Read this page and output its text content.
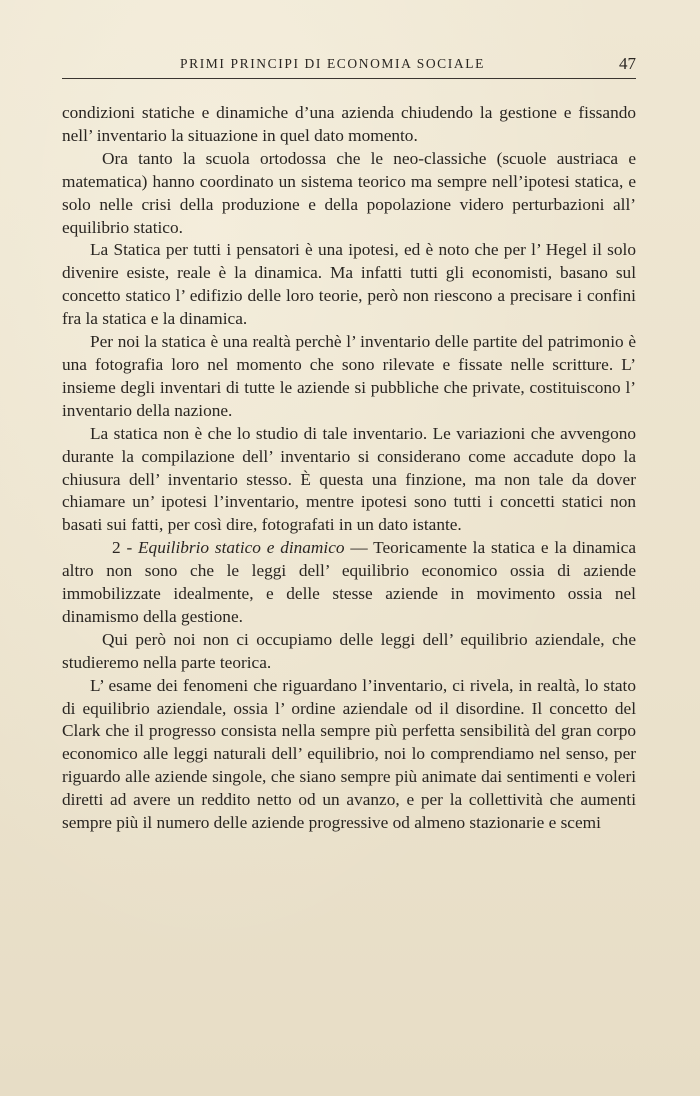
PRIMI PRINCIPI DI ECONOMIA SOCIALE	47

condizioni statiche e dinamiche d’una azienda chiudendo la gestione e fissando nell’ inventario la situazione in quel dato momento.

Ora tanto la scuola ortodossa che le neo-classiche (scuole austriaca e matematica) hanno coordinato un sistema teorico ma sempre nell’ipotesi statica, e solo nelle crisi della produzione e della popolazione videro perturbazioni all’ equilibrio statico.

La Statica per tutti i pensatori è una ipotesi, ed è noto che per l’ Hegel il solo divenire esiste, reale è la dinamica. Ma infatti tutti gli economisti, basano sul concetto statico l’ edifizio delle loro teorie, però non riescono a precisare i confini fra la statica e la dinamica.

Per noi la statica è una realtà perchè l’ inventario delle partite del patrimonio è una fotografia loro nel momento che sono rilevate e fissate nelle scritture. L’ insieme degli inventari di tutte le aziende si pubbliche che private, costituiscono l’ inventario della nazione.

La statica non è che lo studio di tale inventario. Le variazioni che avvengono durante la compilazione dell’ inventario si considerano come accadute dopo la chiusura dell’ inventario stesso. È questa una finzione, ma non tale da dover chiamare un’ ipotesi l’inventario, mentre ipotesi sono tutti i concetti statici non basati sui fatti, per così dire, fotografati in un dato istante.

2 - Equilibrio statico e dinamico — Teoricamente la statica e la dinamica altro non sono che le leggi dell’ equilibrio economico ossia di aziende immobilizzate idealmente, e delle stesse aziende in movimento ossia nel dinamismo della gestione.

Qui però noi non ci occupiamo delle leggi dell’ equilibrio aziendale, che studieremo nella parte teorica.

L’ esame dei fenomeni che riguardano l’inventario, ci rivela, in realtà, lo stato di equilibrio aziendale, ossia l’ ordine aziendale od il disordine. Il concetto del Clark che il progresso consista nella sempre più perfetta sensibilità del gran corpo economico alle leggi naturali dell’ equilibrio, noi lo comprendiamo nel senso, per riguardo alle aziende singole, che siano sempre più animate dai sentimenti e voleri diretti ad avere un reddito netto od un avanzo, e per la collettività che aumenti sempre più il numero delle aziende progressive od almeno stazionarie e scemi
